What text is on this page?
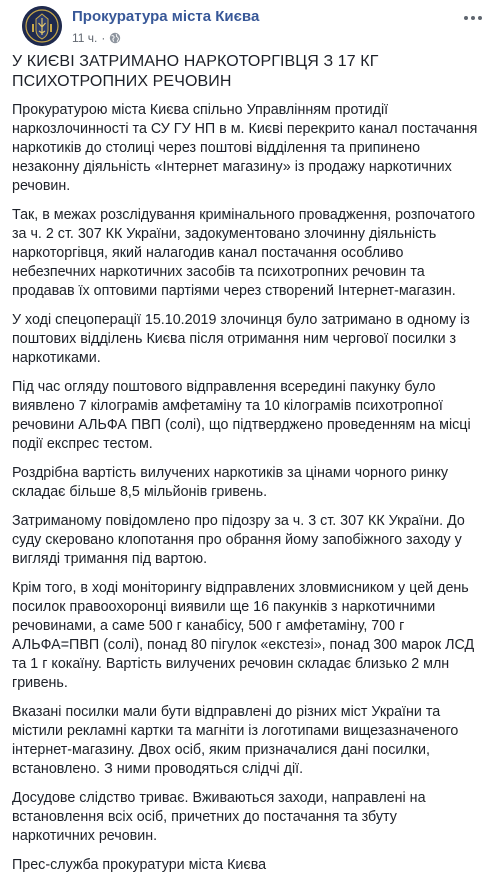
Прокуратура міста Києва
11 ч. ·
У КИЄВІ ЗАТРИМАНО НАРКОТОРГІВЦЯ З 17 КГ ПСИХОТРОПНИХ РЕЧОВИН

Прокуратурою міста Києва спільно Управлінням протидії наркозлочинності та СУ ГУ НП в м. Києві перекрито канал постачання наркотиків до столиці через поштові відділення та припинено незаконну діяльність «Інтернет магазину» із продажу наркотичних речовин.

Так, в межах розслідування кримінального провадження, розпочатого за ч. 2 ст. 307 КК України, задокументовано злочинну діяльність наркоторгівця, який налагодив канал постачання особливо небезпечних наркотичних засобів та психотропних речовин та продавав їх оптовими партіями через створений Інтернет-магазин.

У ході спецоперації 15.10.2019 злочинця було затримано в одному із поштових відділень Києва після отримання ним чергової посилки з наркотиками.

Під час огляду поштового відправлення всередині пакунку було виявлено 7 кілограмів амфетаміну та 10 кілограмів психотропної речовини АЛЬФА ПВП (солі), що підтверджено проведенням на місці події експрес тестом.

Роздрібна вартість вилучених наркотиків за цінами чорного ринку складає більше 8,5 мільйонів гривень.

Затриманому повідомлено про підозру за ч. 3 ст. 307 КК України. До суду скеровано клопотання про обрання йому запобіжного заходу у вигляді тримання під вартою.

Крім того, в ході моніторингу відправлених зловмисником у цей день посилок правоохоронці виявили ще 16 пакунків з наркотичними речовинами, а саме 500 г канабісу, 500 г амфетаміну, 700 г АЛЬФА=ПВП (солі), понад 80 пігулок «екстезі», понад 300 марок ЛСД та 1 г кокаїну. Вартість вилучених речовин складає близько 2 млн гривень.

Вказані посилки мали бути відправлені до різних міст України та містили рекламні картки та магніти із логотипами вищезазначеного інтернет-магазину. Двох осіб, яким призначалися дані посилки, встановлено. З ними проводяться слідчі дії.

Досудове слідство триває. Вживаються заходи, направлені на встановлення всіх осіб, причетних до постачання та збуту наркотичних речовин.

Прес-служба прокуратури міста Києва
